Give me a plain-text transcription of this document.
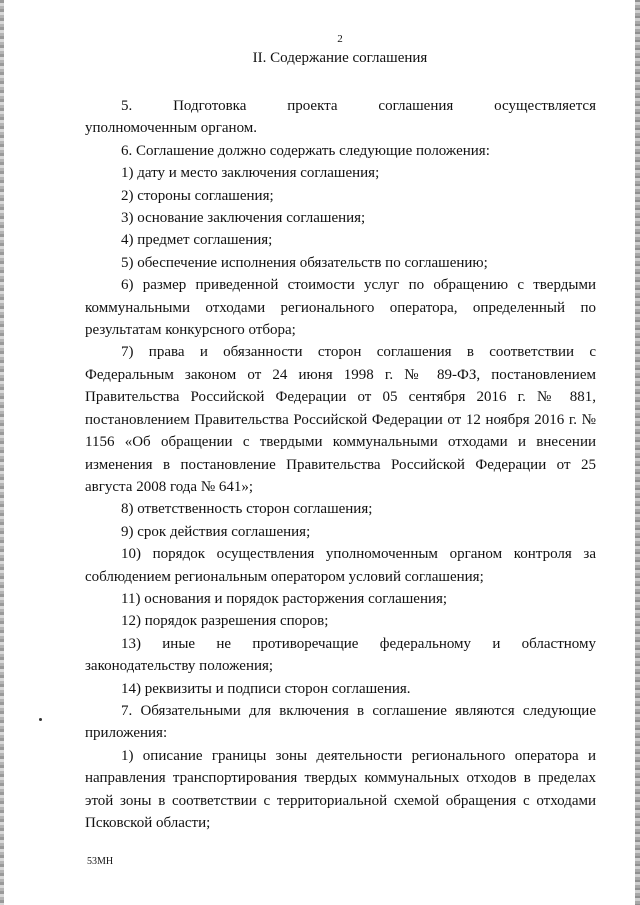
2
II. Содержание соглашения

5.     Подготовка     проекта     соглашения     осуществляется уполномоченным органом.

6. Соглашение должно содержать следующие положения:

1) дату и место заключения соглашения;

2) стороны соглашения;

3) основание заключения соглашения;

4) предмет соглашения;

5) обеспечение исполнения обязательств по соглашению;

6) размер приведенной стоимости услуг по обращению с твердыми коммунальными отходами регионального оператора, определенный по результатам конкурсного отбора;

7) права и обязанности сторон соглашения в соответствии с Федеральным законом от 24 июня 1998 г. № 89-ФЗ, постановлением Правительства Российской Федерации от 05 сентября 2016 г. № 881, постановлением Правительства Российской Федерации от 12 ноября 2016 г. № 1156 «Об обращении с твердыми коммунальными отходами и внесении изменения в постановление Правительства Российской Федерации от 25 августа 2008 года № 641»;

8) ответственность сторон соглашения;

9) срок действия соглашения;

10) порядок осуществления уполномоченным органом контроля за соблюдением региональным оператором условий соглашения;

11) основания и порядок расторжения соглашения;

12) порядок разрешения споров;

13) иные не противоречащие федеральному и областному законодательству положения;

14) реквизиты и подписи сторон соглашения.

7. Обязательными для включения в соглашение являются следующие приложения:

1) описание границы зоны деятельности регионального оператора и направления транспортирования твердых коммунальных отходов в пределах этой зоны в соответствии с территориальной схемой обращения с отходами Псковской области;

53МН
